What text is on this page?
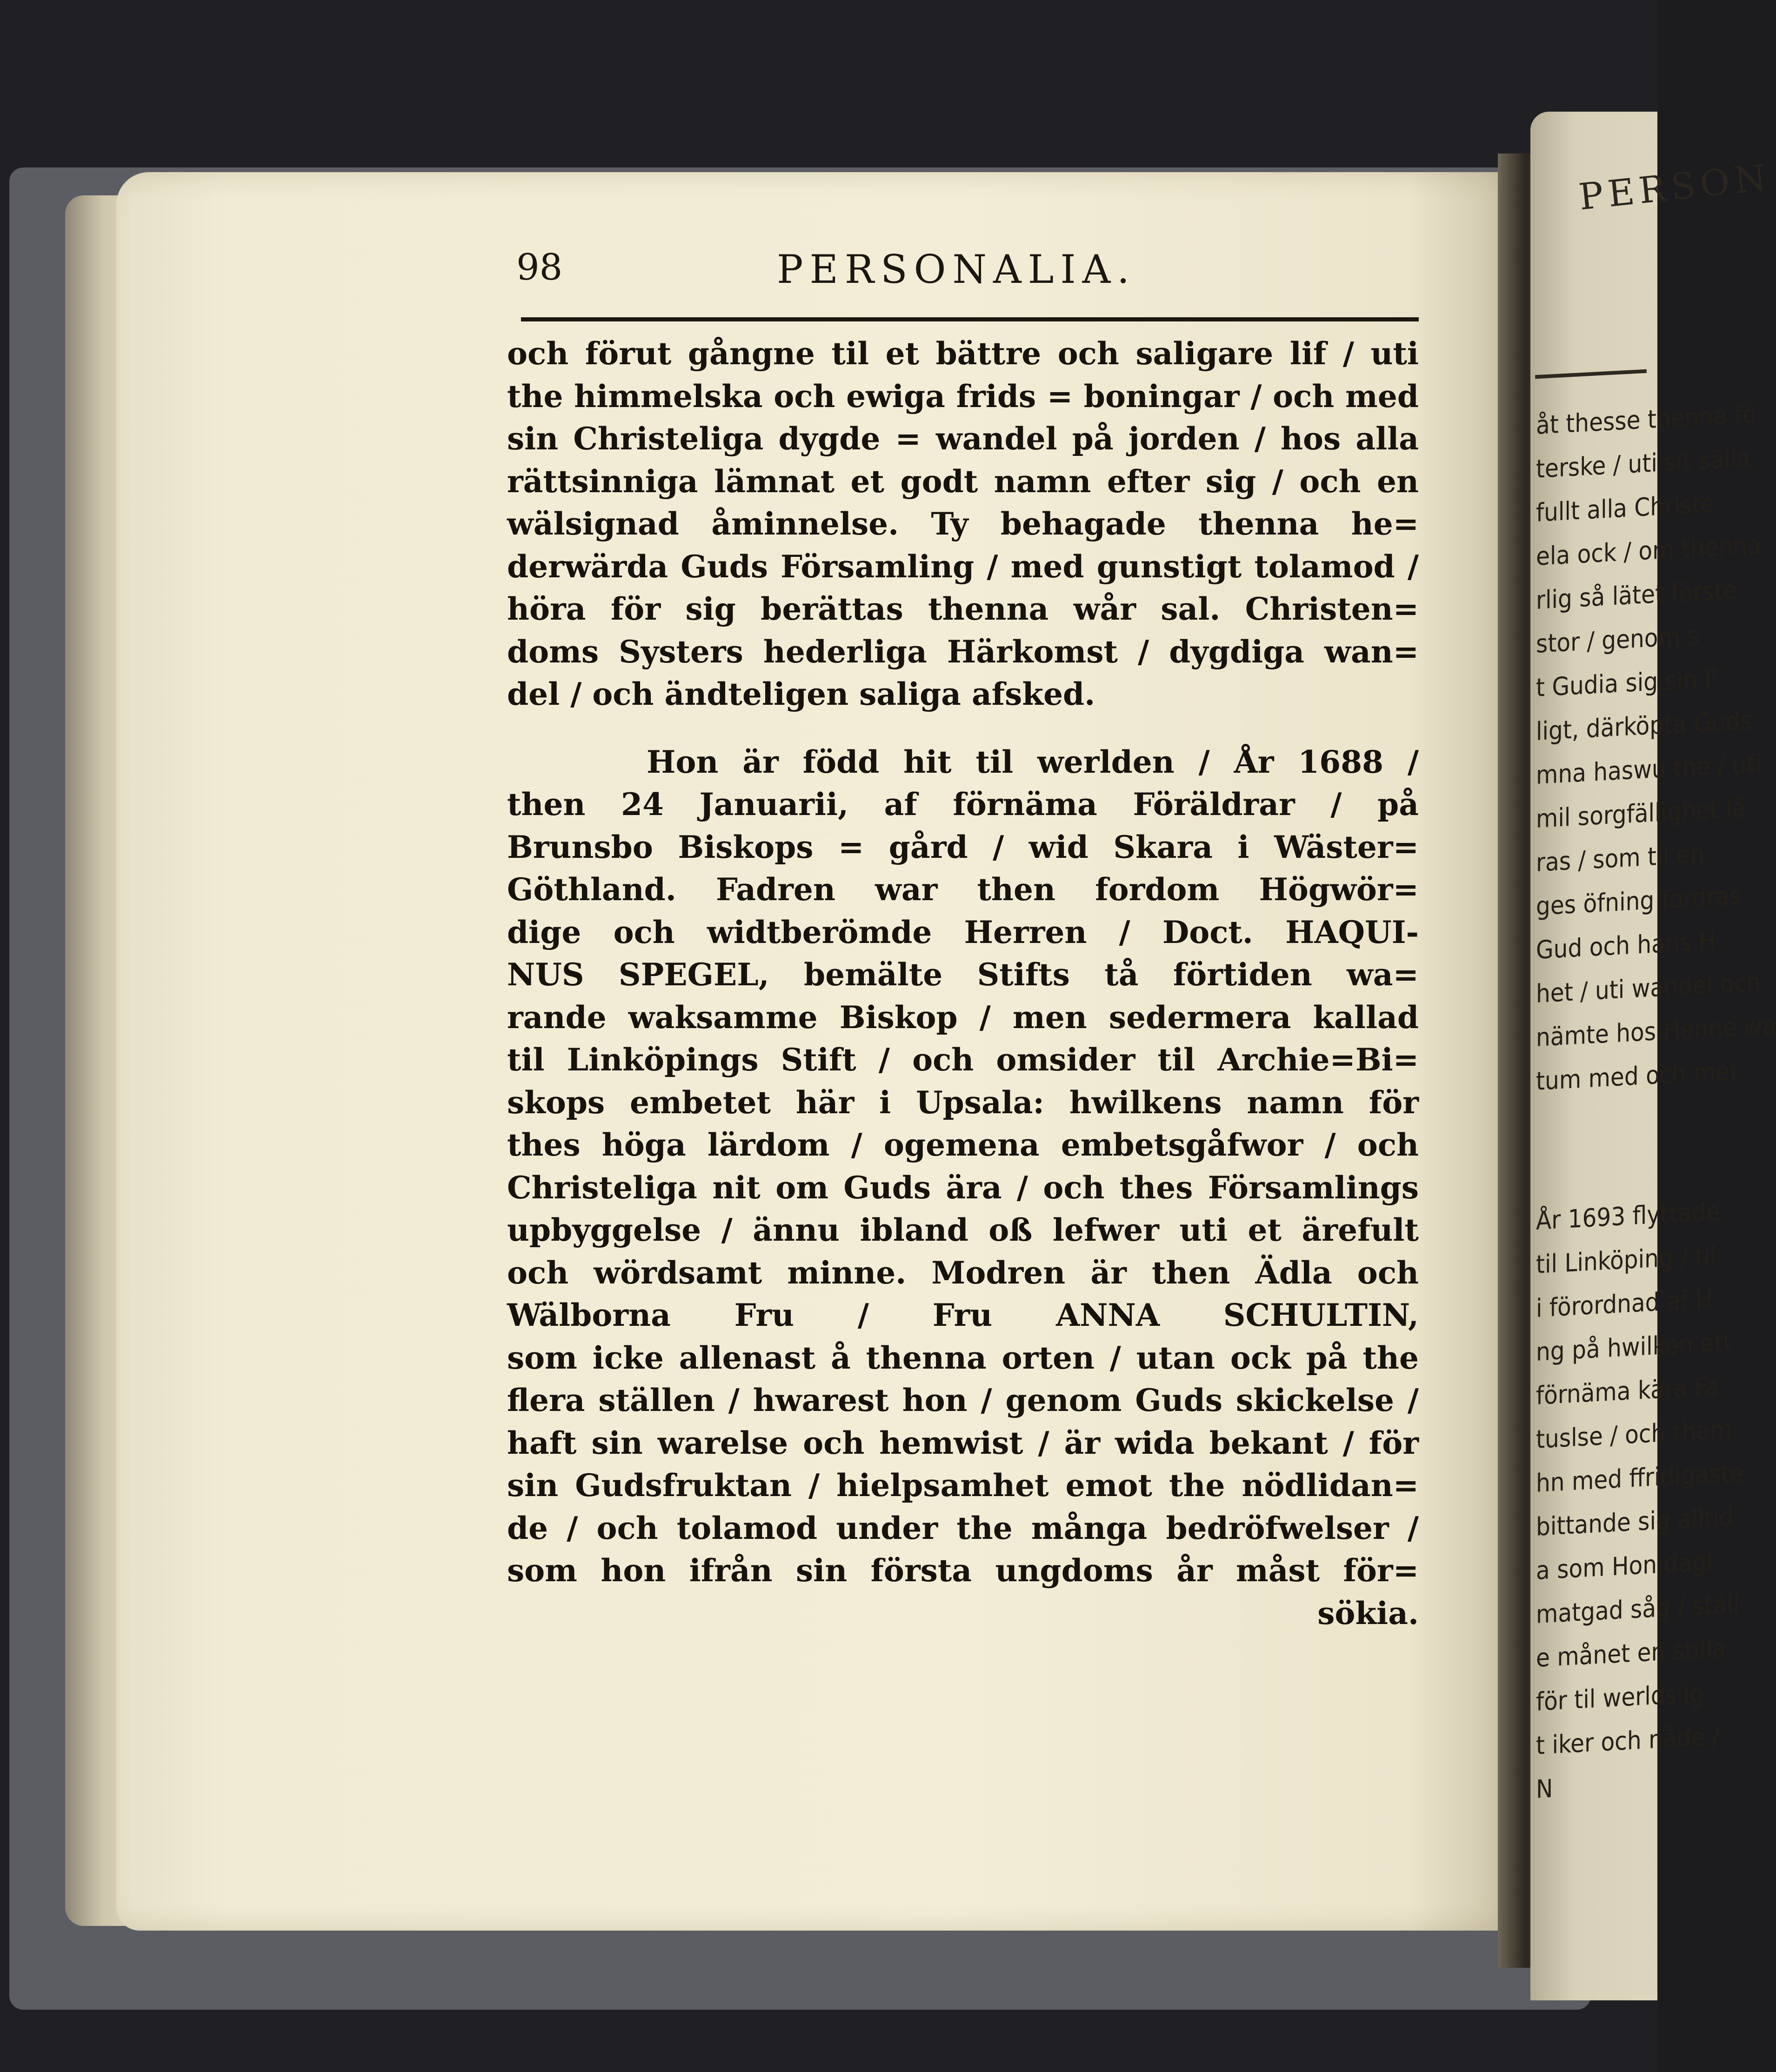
PERSON
åt thesse thenna fö
terske / uti sit sälla
fullt alla Christe
ela ock / om thenna
rlig så lätet förste
stor / genom s
t Gudia sig sin F
ligt, därköpta Guds
mna haswu the / uti
mil sorgfällighet lä
ras / som til en
ges öfning fordras
Gud och hans H
het / uti wandel och
nämte hos Henne wa
tum med och met
År 1693 flyttade
til Linköping / til
i förordnad af H
ng på hwilken ett
förnäma kära Fa
tuslse / och them
hn med ffridigaste
bittande sig alltid
a som Hon dagl
matgad såg / ställ
e månet en stilla
för til werldslig
t iker och nåde /
N
98	PERSONALIA.
och förut gångne til et bättre och saligare lif / uti
the himmelska och ewiga frids = boningar / och med
sin Christeliga dygde = wandel på jorden / hos alla
rättsinniga lämnat et godt namn efter sig / och en
wälsignad åminnelse. Ty behagade thenna he=
derwärda Guds Församling / med gunstigt tolamod /
höra för sig berättas thenna wår sal. Christen=
doms Systers hederliga Härkomst / dygdiga wan=
del / och ändteligen saliga afsked.
Hon är född hit til werlden / År 1688 /
then 24 Januarii, af förnäma Föräldrar / på
Brunsbo Biskops = gård / wid Skara i Wäster=
Göthland. Fadren war then fordom Högwör=
dige och widtberömde Herren / Doct. HAQUI-
NUS SPEGEL, bemälte Stifts tå förtiden wa=
rande waksamme Biskop / men sedermera kallad
til Linköpings Stift / och omsider til Archie=Bi=
skops embetet här i Upsala: hwilkens namn för
thes höga lärdom / ogemena embetsgåfwor / och
Christeliga nit om Guds ära / och thes Församlings
upbyggelse / ännu ibland oß lefwer uti et ärefult
och wördsamt minne. Modren är then Ädla och
Wälborna Fru / Fru ANNA SCHULTIN,
som icke allenast å thenna orten / utan ock på the
flera ställen / hwarest hon / genom Guds skickelse /
haft sin warelse och hemwist / är wida bekant / för
sin Gudsfruktan / hielpsamhet emot the nödlidan=
de / och tolamod under the många bedröfwelser /
som hon ifrån sin första ungdoms år måst för=
sökia.
